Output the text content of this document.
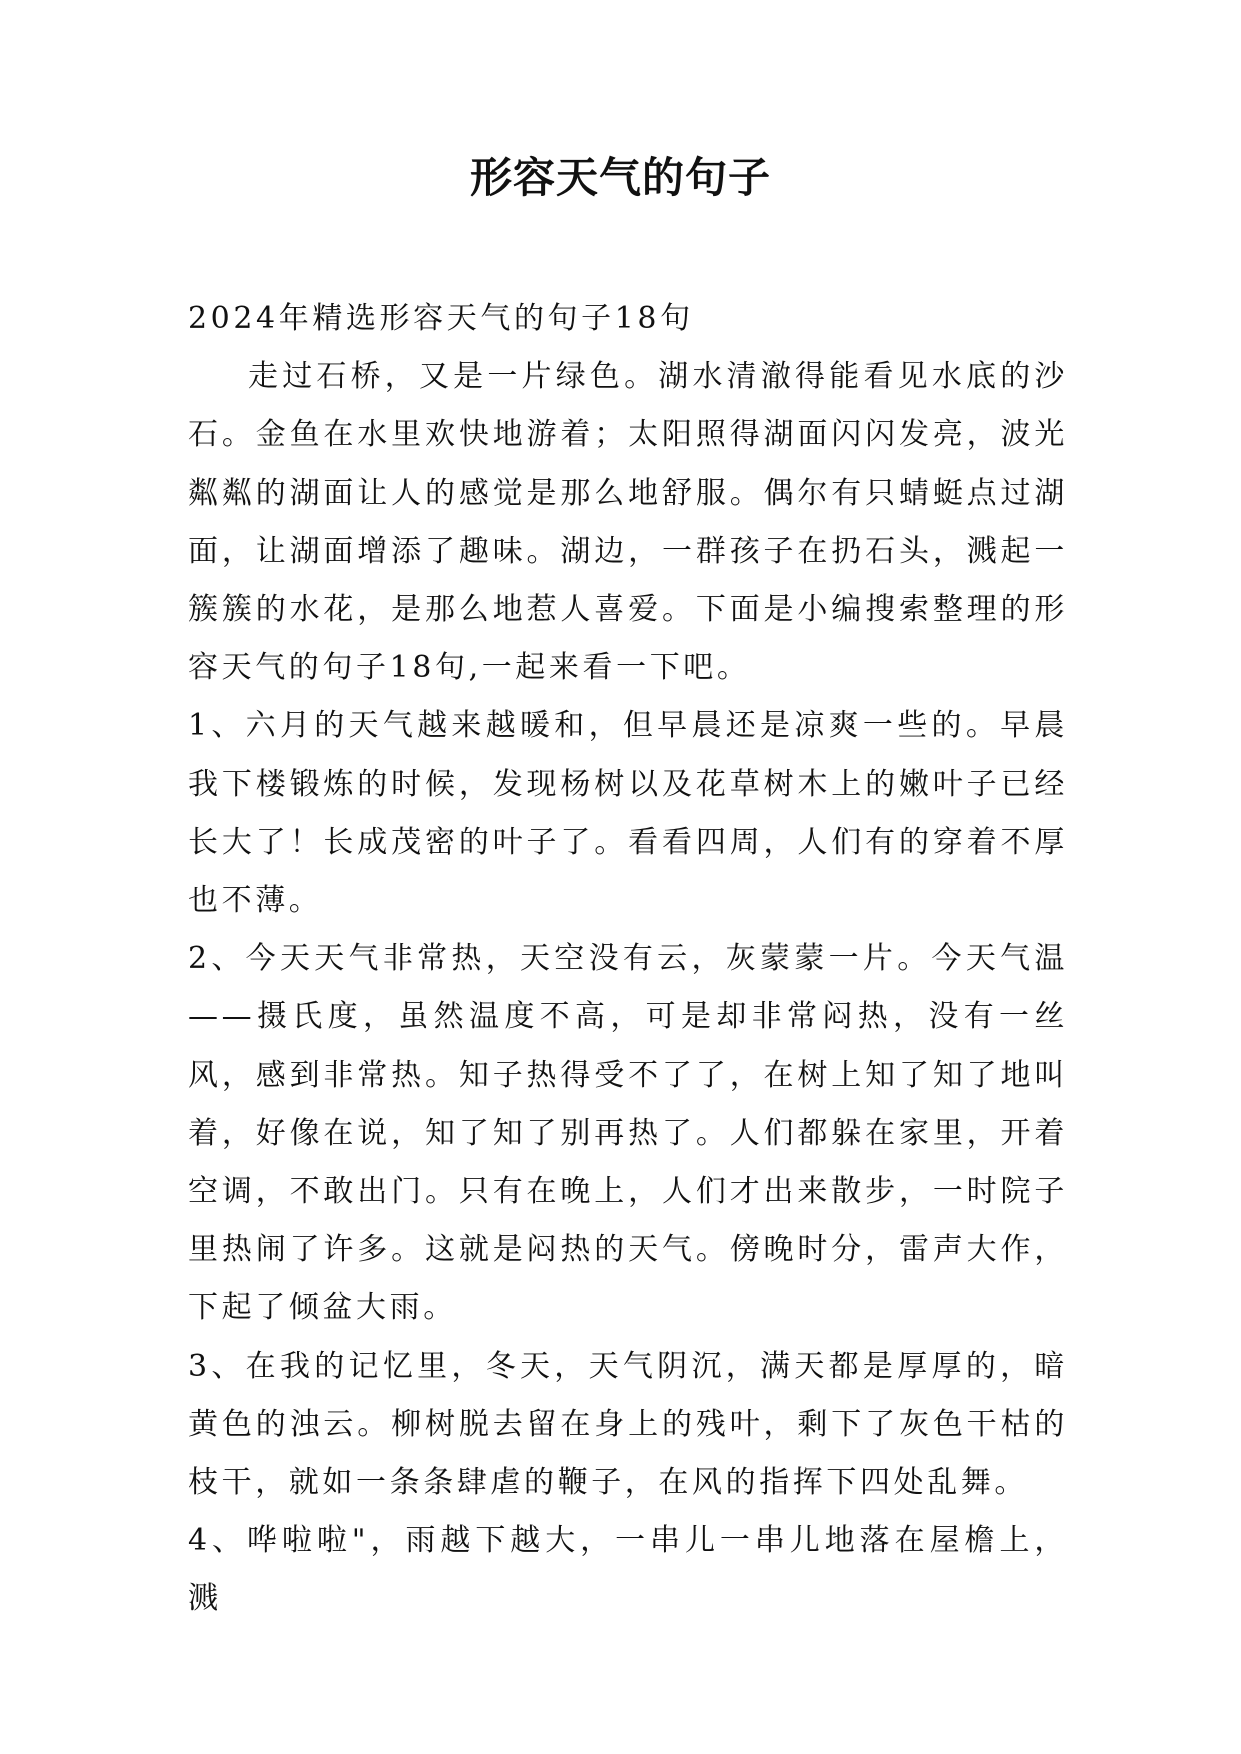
形容天气的句子

2024年精选形容天气的句子18句

走过石桥，又是一片绿色。湖水清澈得能看见水底的沙石。金鱼在水里欢快地游着；太阳照得湖面闪闪发亮，波光粼粼的湖面让人的感觉是那么地舒服。偶尔有只蜻蜓点过湖面，让湖面增添了趣味。湖边，一群孩子在扔石头，溅起一簇簇的水花，是那么地惹人喜爱。下面是小编搜索整理的形容天气的句子18句,一起来看一下吧。

1、六月的天气越来越暖和，但早晨还是凉爽一些的。早晨我下楼锻炼的时候，发现杨树以及花草树木上的嫩叶子已经长大了！长成茂密的叶子了。看看四周，人们有的穿着不厚也不薄。

2、今天天气非常热，天空没有云，灰蒙蒙一片。今天气温——摄氏度，虽然温度不高，可是却非常闷热，没有一丝风，感到非常热。知子热得受不了了，在树上知了知了地叫着，好像在说，知了知了别再热了。人们都躲在家里，开着空调，不敢出门。只有在晚上，人们才出来散步，一时院子里热闹了许多。这就是闷热的天气。傍晚时分，雷声大作，下起了倾盆大雨。

3、在我的记忆里，冬天，天气阴沉，满天都是厚厚的，暗黄色的浊云。柳树脱去留在身上的残叶，剩下了灰色干枯的枝干，就如一条条肆虐的鞭子，在风的指挥下四处乱舞。

4、哗啦啦"，雨越下越大，一串儿一串儿地落在屋檐上，溅
